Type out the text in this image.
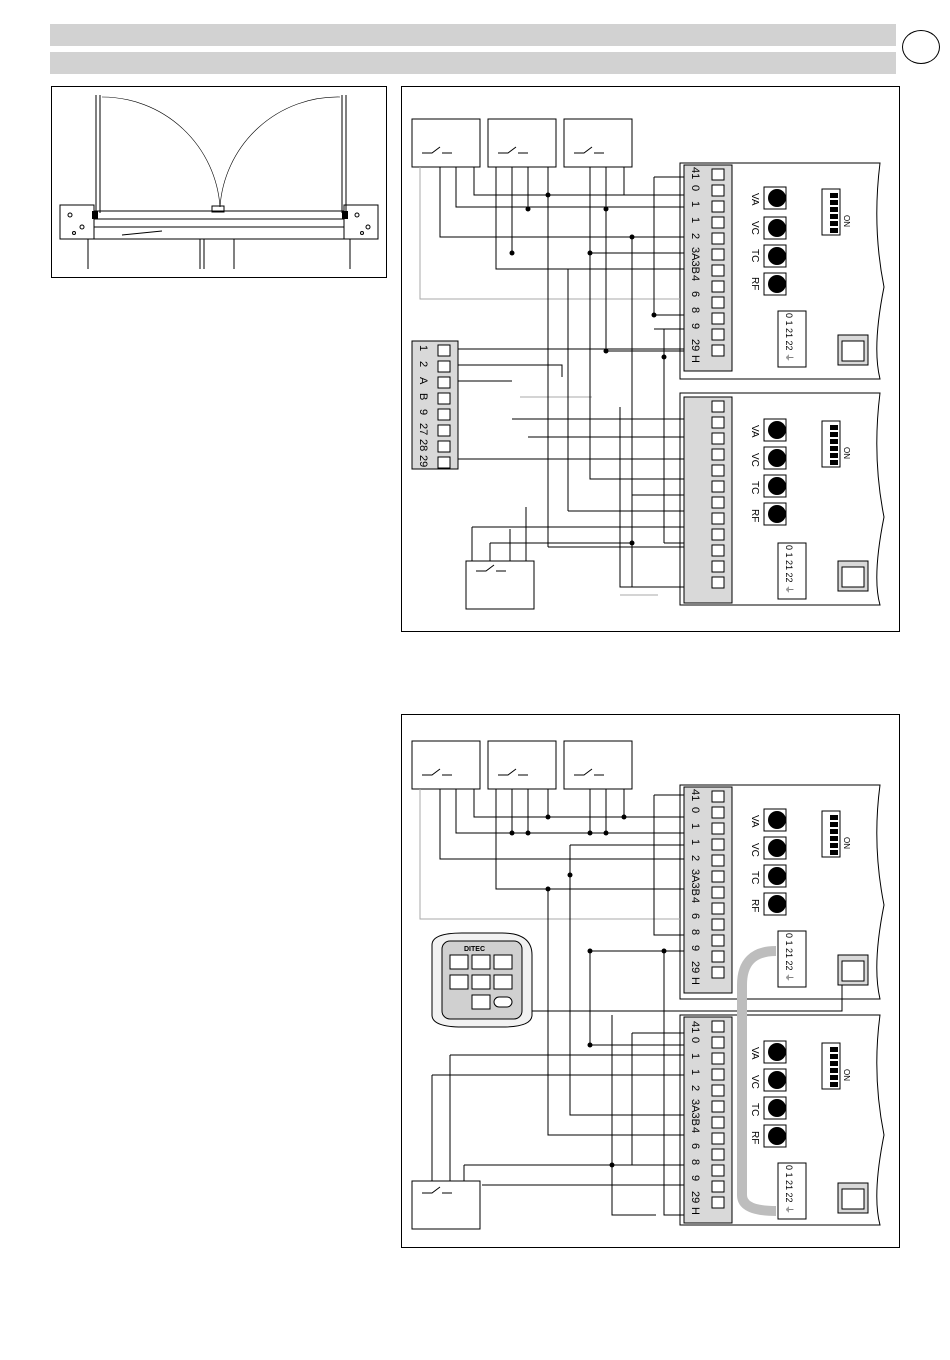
41
0
1
1
2
3A3B
4
6
8
9
29
H
VA
VC
TC
RF
VA
VC
TC
RF
ON
ON
0 1 21 22 ⏚
0 1 21 22 ⏚
1
2
A
B
9
27
28
29
41
0
1
1
2
3A3B
4
6
8
9
29
H
41
0
1
1
2
3A3B
4
6
8
9
29
H
VA
VC
TC
RF
VA
VC
TC
RF
ON
ON
0 1 21 22 ⏚
0 1 21 22 ⏚
DITEC
